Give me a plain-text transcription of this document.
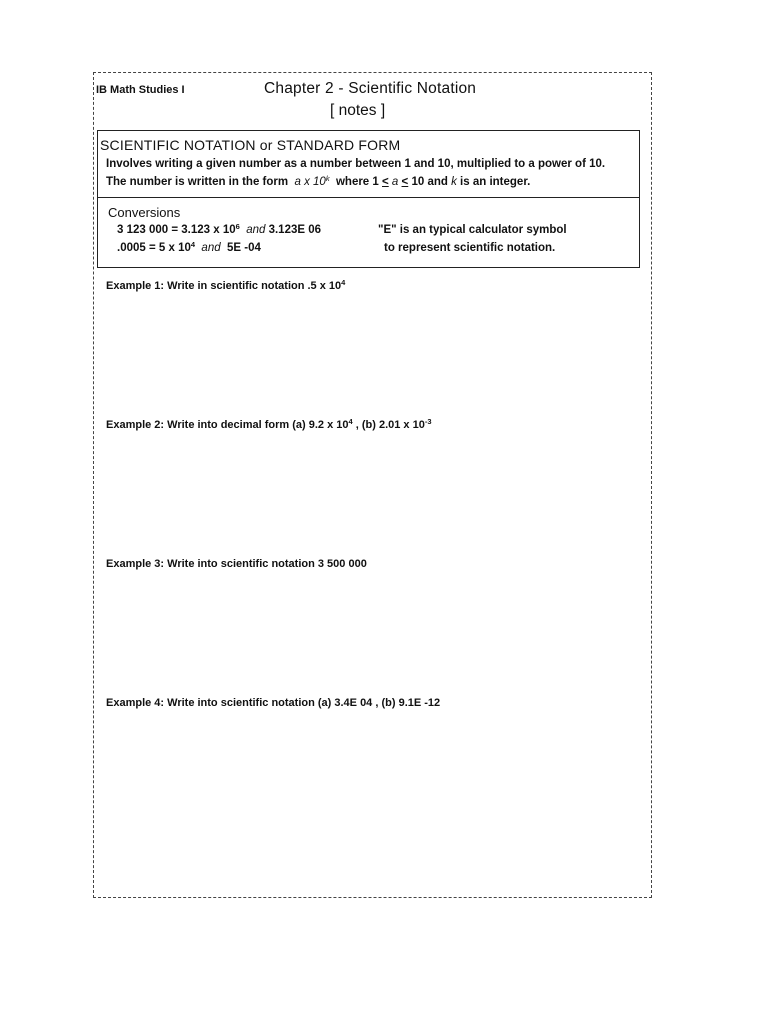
IB Math Studies I	Chapter 2 - Scientific Notation
[ notes ]
SCIENTIFIC NOTATION or STANDARD FORM
Involves writing a given number as a number between 1 and 10, multiplied to a power of 10.
The number is written in the form a x 10$^k$ where 1 ≤ a ≤ 10 and k is an integer.
Conversions
3 123 000 = 3.123 x $10^6$ and 3.123E 06
.0005 = 5 x $10^4$ and 5E -04
"E" is an typical calculator symbol
to represent scientific notation.
Example 1: Write in scientific notation .5 x $10^4$
Example 2: Write into decimal form (a) 9.2 x $10^4$ , (b) 2.01 x $10^{-3}$
Example 3: Write into scientific notation 3 500 000
Example 4: Write into scientific notation (a) 3.4E 04 , (b) 9.1E -12
